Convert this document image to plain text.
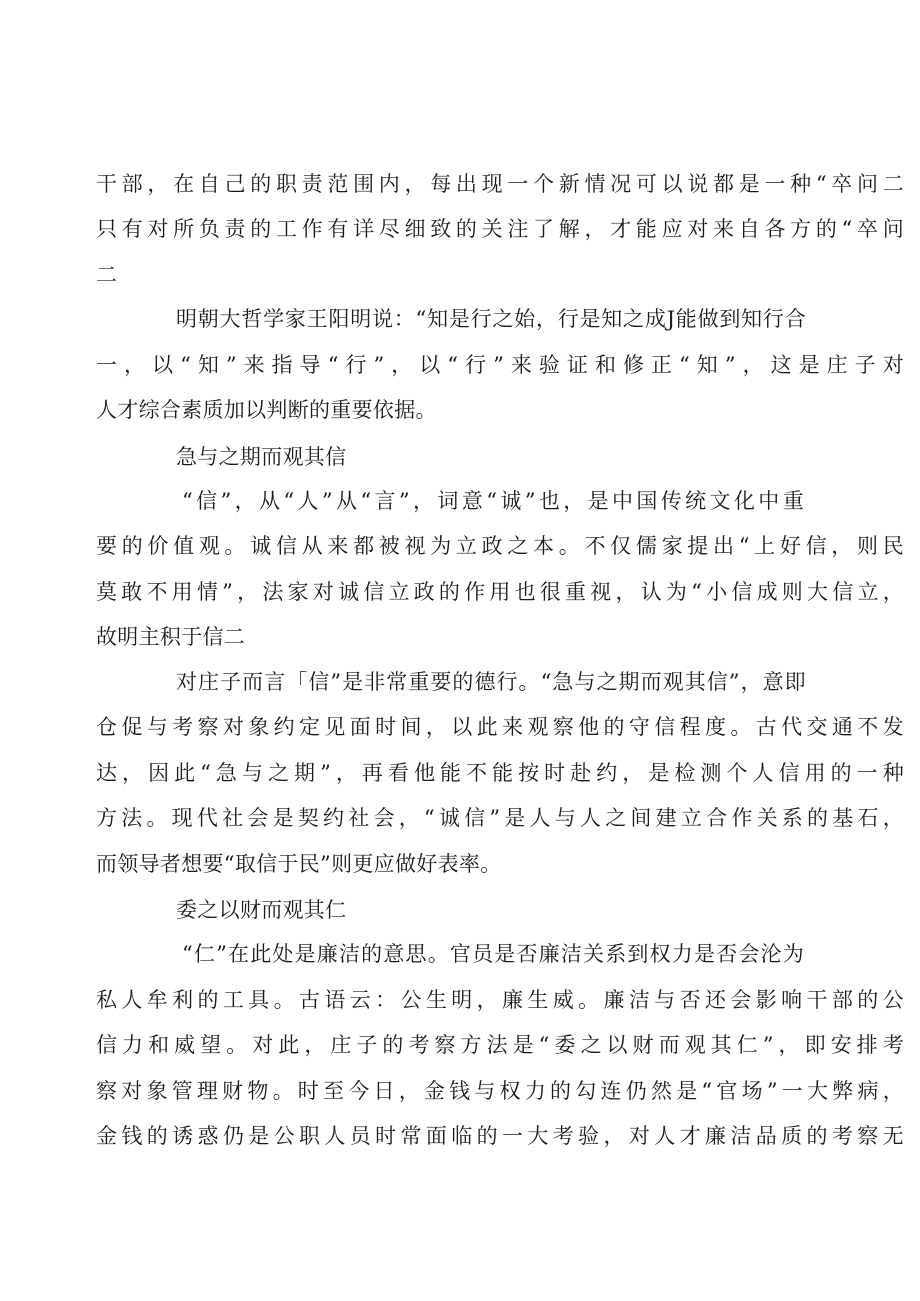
干部，在自己的职责范围内，每出现一个新情况可以说都是一种“卒问二
只有对所负责的工作有详尽细致的关注了解，才能应对来自各方的“卒问
二
明朝大哲学家王阳明说：“知是行之始，行是知之成J能做到知行合
一，以“知”来指导“行”，以“行”来验证和修正“知”，这是庄子对
人才综合素质加以判断的重要依据。
急与之期而观其信
“信”，从“人”从“言”，词意“诚”也，是中国传统文化中重
要的价值观。诚信从来都被视为立政之本。不仅儒家提出“上好信，则民
莫敢不用情”，法家对诚信立政的作用也很重视，认为“小信成则大信立，
故明主积于信二
对庄子而言「信”是非常重要的德行。“急与之期而观其信”，意即
仓促与考察对象约定见面时间，以此来观察他的守信程度。古代交通不发
达，因此“急与之期”，再看他能不能按时赴约，是检测个人信用的一种
方法。现代社会是契约社会，“诚信”是人与人之间建立合作关系的基石，
而领导者想要“取信于民”则更应做好表率。
委之以财而观其仁
“仁”在此处是廉洁的意思。官员是否廉洁关系到权力是否会沦为
私人牟利的工具。古语云：公生明，廉生威。廉洁与否还会影响干部的公
信力和威望。对此，庄子的考察方法是“委之以财而观其仁”，即安排考
察对象管理财物。时至今日，金钱与权力的勾连仍然是“官场”一大弊病，
金钱的诱惑仍是公职人员时常面临的一大考验，对人才廉洁品质的考察无
